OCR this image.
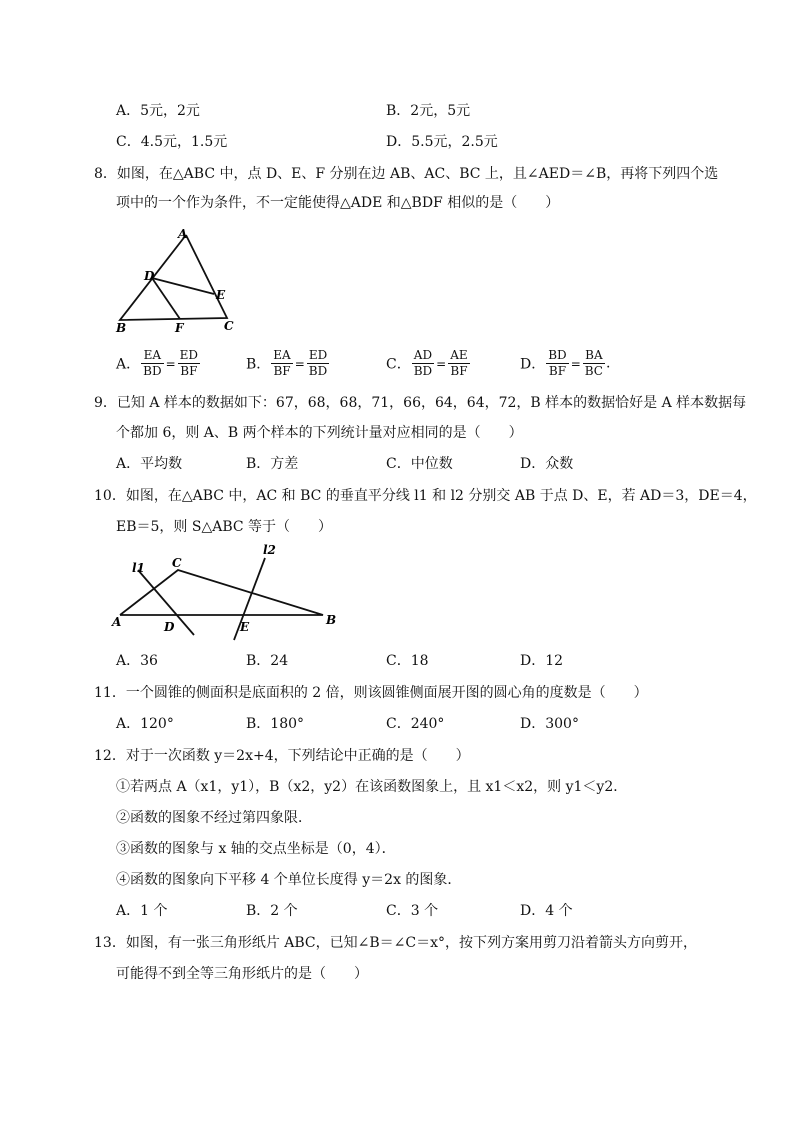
A．5元，2元	B．2元，5元
C．4.5元，1.5元	D．5.5元，2.5元
8．如图，在△ABC 中，点 D、E、F 分别在边 AB、AC、BC 上，且∠AED＝∠B，再将下列四个选
项中的一个作为条件，不一定能使得△ADE 和△BDF 相似的是（　　）
A
B	C
D
E
F
A． $\frac{EA}{BD} = \frac{ED}{BF}$	B． $\frac{EA}{BF} = \frac{ED}{BD}$	C． $\frac{AD}{BD} = \frac{AE}{BF}$	D． $\frac{BD}{BF} = \frac{BA}{BC}$ .
9．已知 A 样本的数据如下：67，68，68，71，66，64，64，72，B 样本的数据恰好是 A 样本数据每
个都加 6，则 A、B 两个样本的下列统计量对应相同的是（　　）
A．平均数	B．方差	C．中位数	D．众数
10．如图，在△ABC 中，AC 和 BC 的垂直平分线 l1 和 l2 分别交 AB 于点 D、E，若 AD＝3，DE＝4，
EB＝5，则 S△ABC 等于（　　）
C
A	B
D	E
l1
l2
A．36	B．24	C．18	D．12
11．一个圆锥的侧面积是底面积的 2 倍，则该圆锥侧面展开图的圆心角的度数是（　　）
A．120°	B．180°	C．240°	D．300°
12．对于一次函数 y＝2x+4，下列结论中正确的是（　　）
①若两点 A（x1，y1），B（x2，y2）在该函数图象上，且 x1＜x2，则 y1＜y2．
②函数的图象不经过第四象限．
③函数的图象与 x 轴的交点坐标是（0，4）．
④函数的图象向下平移 4 个单位长度得 y＝2x 的图象．
A．1 个	B．2 个	C．3 个	D．4 个
13．如图，有一张三角形纸片 ABC，已知∠B＝∠C＝x°，按下列方案用剪刀沿着箭头方向剪开，
可能得不到全等三角形纸片的是（　　）
